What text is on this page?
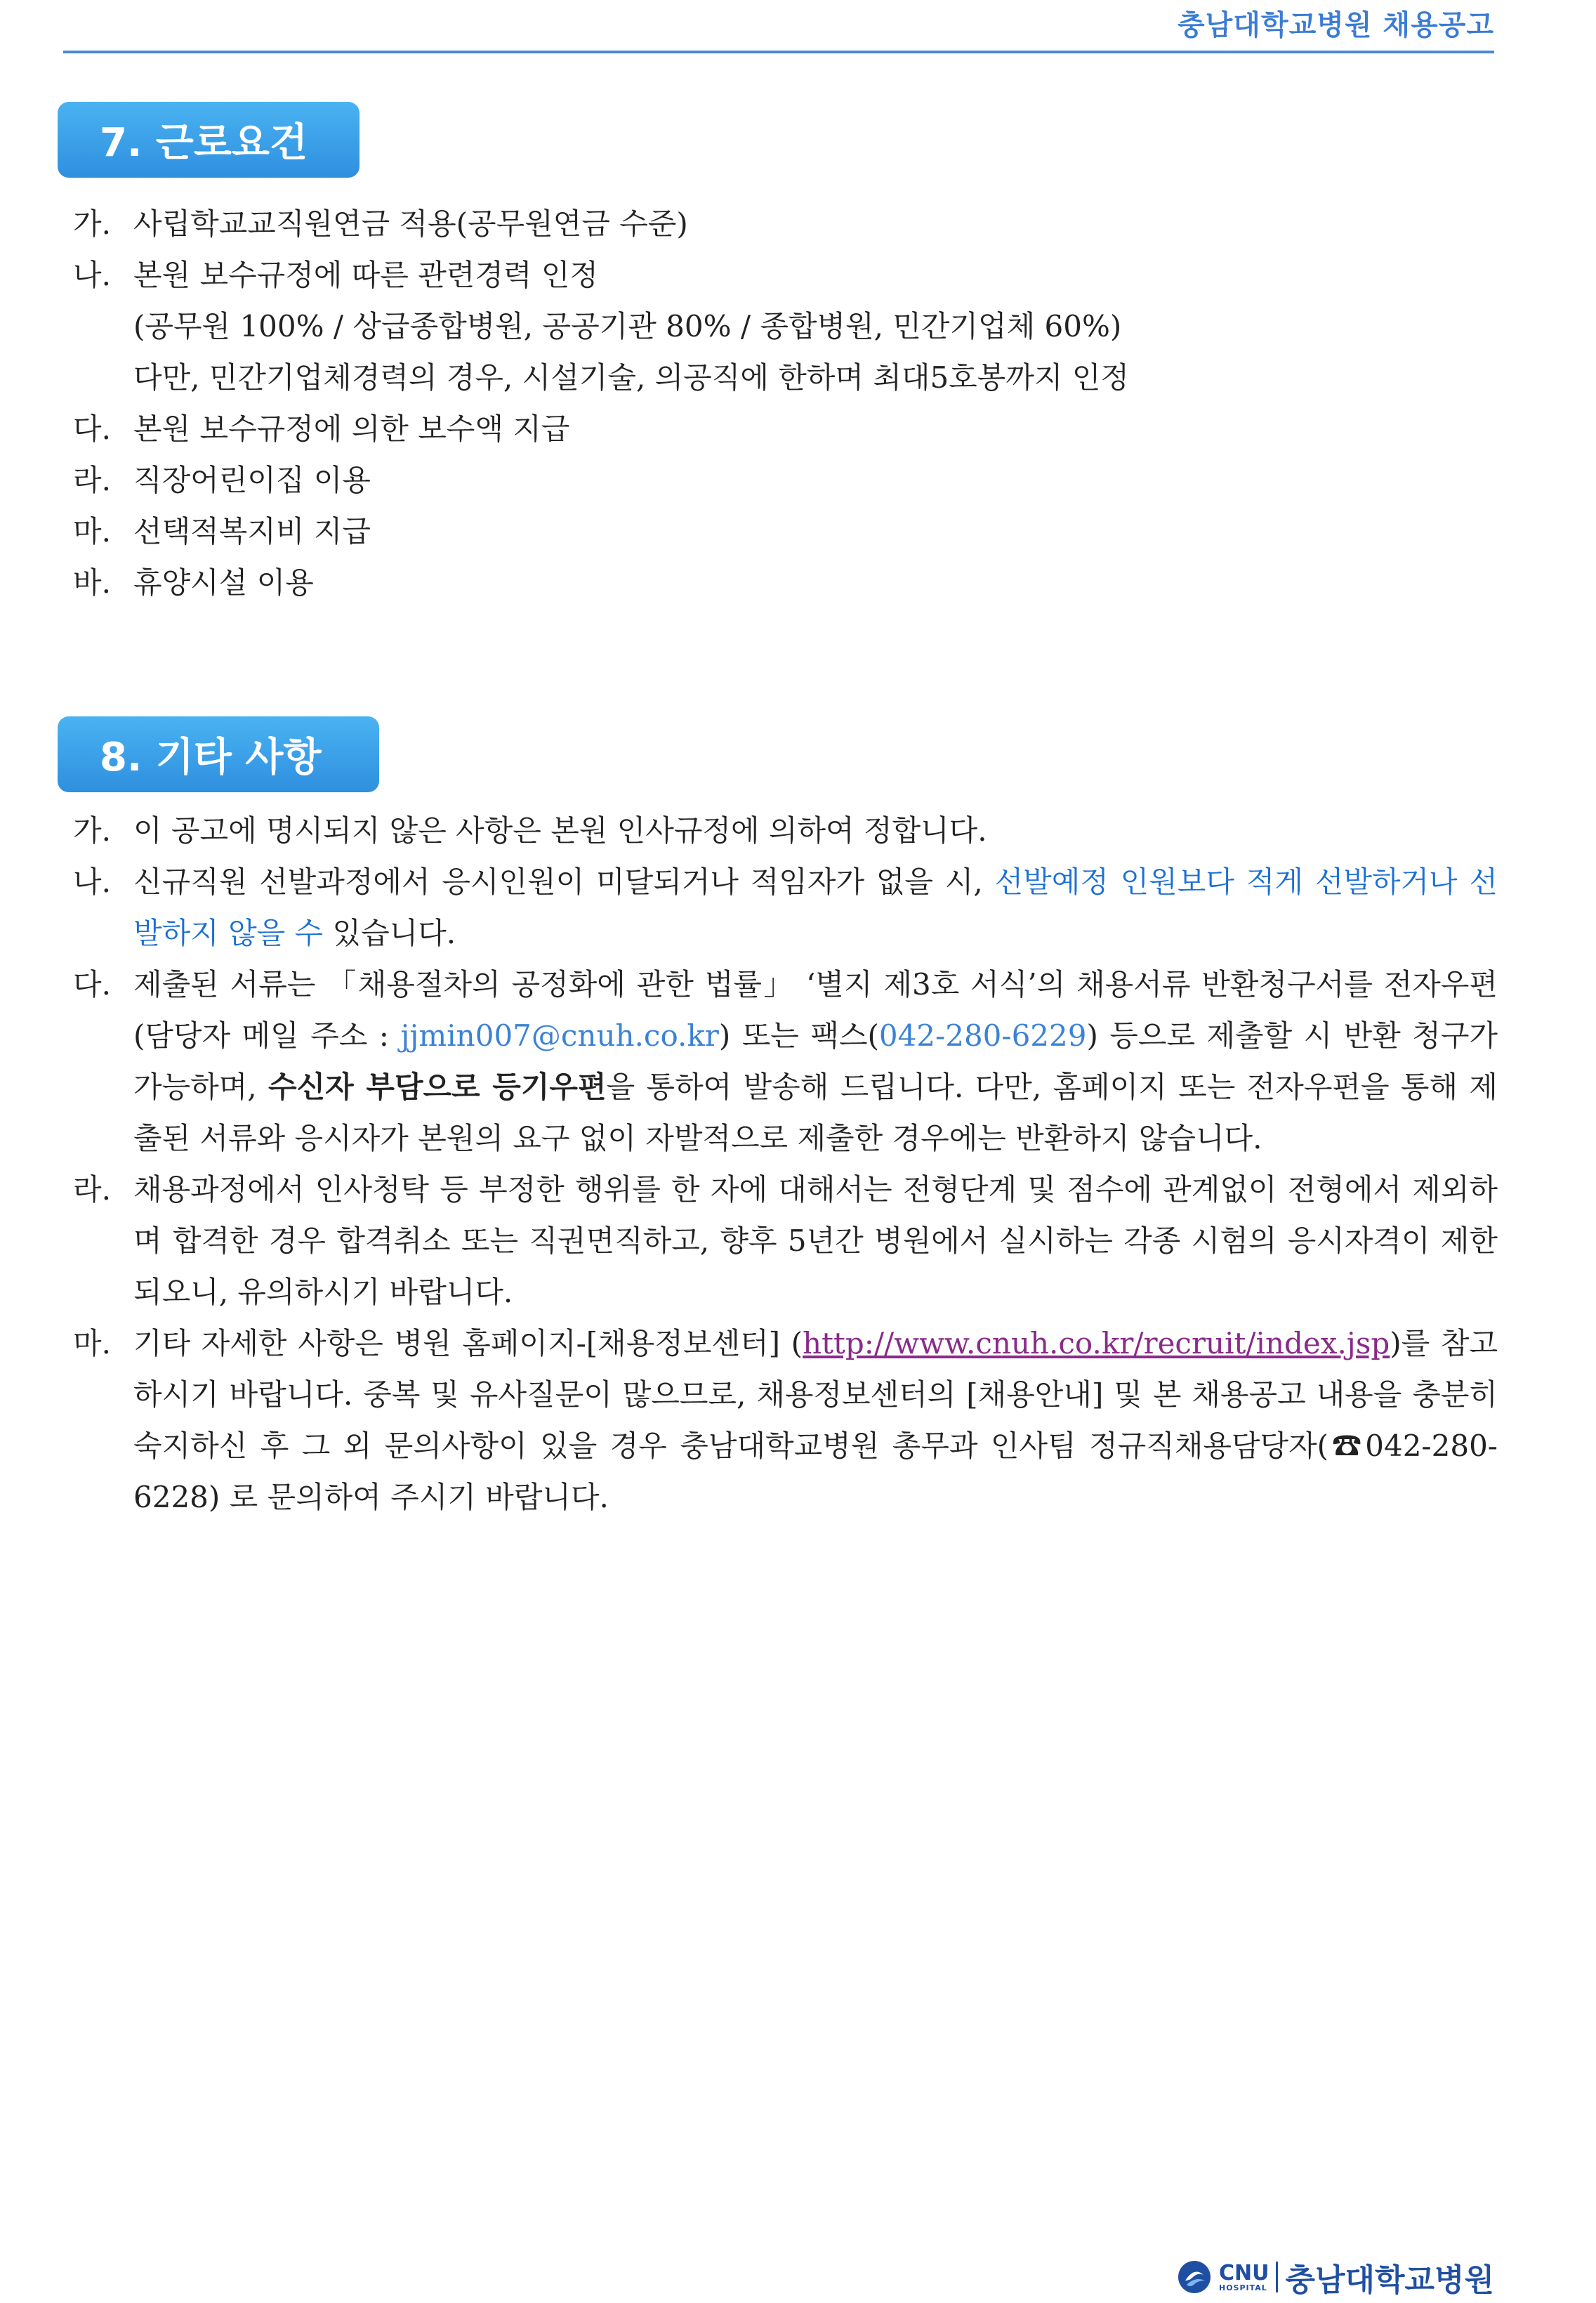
충남대학교병원 채용공고
7. 근로요건
가. 사립학교교직원연금 적용(공무원연금 수준)
나. 본원 보수규정에 따른 관련경력 인정
(공무원 100% / 상급종합병원, 공공기관 80% / 종합병원, 민간기업체 60%)
다만, 민간기업체경력의 경우, 시설기술, 의공직에 한하며 최대5호봉까지 인정
다. 본원 보수규정에 의한 보수액 지급
라. 직장어린이집 이용
마. 선택적복지비 지급
바. 휴양시설 이용
8. 기타 사항
가. 이 공고에 명시되지 않은 사항은 본원 인사규정에 의하여 정합니다.
나. 신규직원 선발과정에서 응시인원이 미달되거나 적임자가 없을 시, 선발예정 인원보다 적게 선발하거나 선발하지 않을 수 있습니다.
다. 제출된 서류는 「채용절차의 공정화에 관한 법률」 ‘별지 제3호 서식’의 채용서류 반환청구서를 전자우편(담당자 메일 주소 : jjmin007@cnuh.co.kr) 또는 팩스(042-280-6229) 등으로 제출할 시 반환 청구가 가능하며, 수신자 부담으로 등기우편을 통하여 발송해 드립니다. 다만, 홈페이지 또는 전자우편을 통해 제출된 서류와 응시자가 본원의 요구 없이 자발적으로 제출한 경우에는 반환하지 않습니다.
라. 채용과정에서 인사청탁 등 부정한 행위를 한 자에 대해서는 전형단계 및 점수에 관계없이 전형에서 제외하며 합격한 경우 합격취소 또는 직권면직하고, 향후 5년간 병원에서 실시하는 각종 시험의 응시자격이 제한되오니, 유의하시기 바랍니다.
마. 기타 자세한 사항은 병원 홈페이지-[채용정보센터] (http://www.cnuh.co.kr/recruit/index.jsp)를 참고하시기 바랍니다. 중복 및 유사질문이 많으므로, 채용정보센터의 [채용안내] 및 본 채용공고 내용을 충분히 숙지하신 후 그 외 문의사항이 있을 경우 충남대학교병원 총무과 인사팀 정규직채용담당자(☎042-280-6228) 로 문의하여 주시기 바랍니다.
CNU
HOSPITAL 충남대학교병원
